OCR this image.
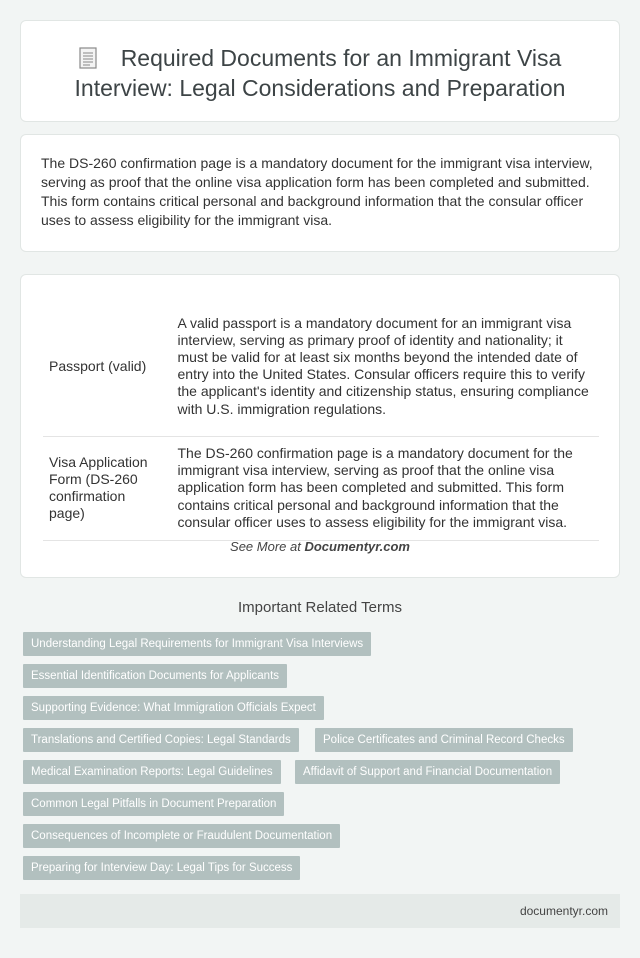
Required Documents for an Immigrant Visa Interview: Legal Considerations and Preparation

The DS-260 confirmation page is a mandatory document for the immigrant visa interview, serving as proof that the online visa application form has been completed and submitted. This form contains critical personal and background information that the consular officer uses to assess eligibility for the immigrant visa.

Passport (valid)	A valid passport is a mandatory document for an immigrant visa interview, serving as primary proof of identity and nationality; it must be valid for at least six months beyond the intended date of entry into the United States. Consular officers require this to verify the applicant's identity and citizenship status, ensuring compliance with U.S. immigration regulations.
Visa Application Form (DS-260 confirmation page)	The DS-260 confirmation page is a mandatory document for the immigrant visa interview, serving as proof that the online visa application form has been completed and submitted. This form contains critical personal and background information that the consular officer uses to assess eligibility for the immigrant visa.
See More at Documentyr.com
Important Related Terms
Understanding Legal Requirements for Immigrant Visa Interviews
Essential Identification Documents for Applicants
Supporting Evidence: What Immigration Officials Expect
Translations and Certified Copies: Legal Standards	Police Certificates and Criminal Record Checks
Medical Examination Reports: Legal Guidelines	Affidavit of Support and Financial Documentation
Common Legal Pitfalls in Document Preparation
Consequences of Incomplete or Fraudulent Documentation
Preparing for Interview Day: Legal Tips for Success
documentyr.com
